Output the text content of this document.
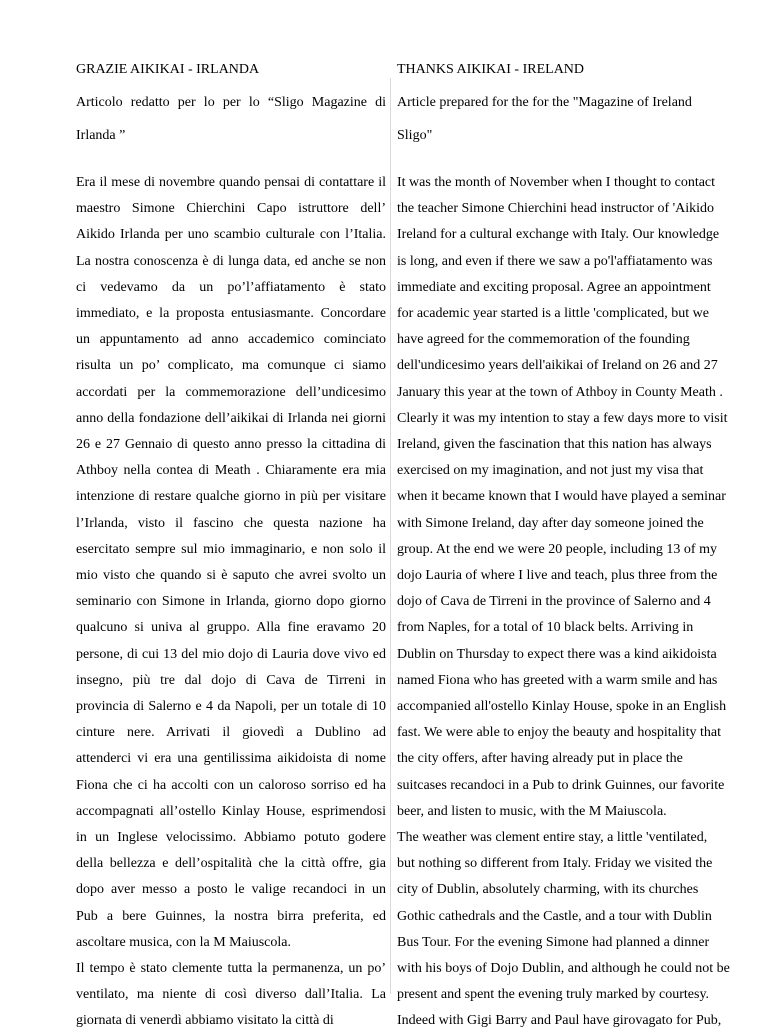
GRAZIE AIKIKAI - IRLANDA
Articolo redatto per lo per lo “Sligo Magazine di
Irlanda ”
Era il mese di novembre quando pensai di contattare il
maestro Simone Chierchini Capo istruttore dell’
Aikido Irlanda per uno scambio culturale con l’Italia.
La nostra conoscenza è di lunga data, ed anche se non
ci vedevamo da un po’l’affiatamento è stato
immediato, e la proposta entusiasmante. Concordare
un appuntamento ad anno accademico cominciato
risulta un po’ complicato, ma comunque ci siamo
accordati per la commemorazione dell’undicesimo
anno della fondazione dell’aikikai di Irlanda nei giorni
26 e 27 Gennaio di questo anno presso la cittadina di
Athboy nella contea di Meath . Chiaramente era mia
intenzione di restare qualche giorno in più per visitare
l’Irlanda, visto il fascino che questa nazione ha
esercitato sempre sul mio immaginario, e non solo il
mio visto che quando si è saputo che avrei svolto un
seminario con Simone in Irlanda, giorno dopo giorno
qualcuno si univa al gruppo. Alla fine eravamo 20
persone, di cui 13 del mio dojo di Lauria dove vivo ed
insegno, più tre dal dojo di Cava de Tirreni in
provincia di Salerno e 4 da Napoli, per un totale di 10
cinture nere. Arrivati il giovedì a Dublino ad
attenderci vi era una gentilissima aikidoista di nome
Fiona che ci ha accolti con un caloroso sorriso ed ha
accompagnati all’ostello Kinlay House, esprimendosi
in un Inglese velocissimo. Abbiamo potuto godere
della bellezza e dell’ospitalità che la città offre, gia
dopo aver messo a posto le valige recandoci in un
Pub a bere Guinnes, la nostra birra preferita, ed
ascoltare musica, con la M Maiuscola.
Il tempo è stato clemente tutta la permanenza, un po’
ventilato, ma niente di così diverso dall’Italia. La
giornata di venerdì abbiamo visitato la città di
THANKS AIKIKAI - IRELAND
Article prepared for the for the "Magazine of Ireland
Sligo"
It was the month of November when I thought to contact
the teacher Simone Chierchini head instructor of 'Aikido
Ireland for a cultural exchange with Italy. Our knowledge
is long, and even if there we saw a po'l'affiatamento was
immediate and exciting proposal. Agree an appointment
for academic year started is a little 'complicated, but we
have agreed for the commemoration of the founding
dell'undicesimo years dell'aikikai of Ireland on 26 and 27
January this year at the town of Athboy in County Meath .
Clearly it was my intention to stay a few days more to visit
Ireland, given the fascination that this nation has always
exercised on my imagination, and not just my visa that
when it became known that I would have played a seminar
with Simone Ireland, day after day someone joined the
group. At the end we were 20 people, including 13 of my
dojo Lauria of where I live and teach, plus three from the
dojo of Cava de Tirreni in the province of Salerno and 4
from Naples, for a total of 10 black belts. Arriving in
Dublin on Thursday to expect there was a kind aikidoista
named Fiona who has greeted with a warm smile and has
accompanied all'ostello Kinlay House, spoke in an English
fast. We were able to enjoy the beauty and hospitality that
the city offers, after having already put in place the
suitcases recandoci in a Pub to drink Guinnes, our favorite
beer, and listen to music, with the M Maiuscola.
The weather was clement entire stay, a little 'ventilated,
but nothing so different from Italy. Friday we visited the
city of Dublin, absolutely charming, with its churches
Gothic cathedrals and the Castle, and a tour with Dublin
Bus Tour. For the evening Simone had planned a dinner
with his boys of Dojo Dublin, and although he could not be
present and spent the evening truly marked by courtesy.
Indeed with Gigi Barry and Paul have girovagato for Pub,
